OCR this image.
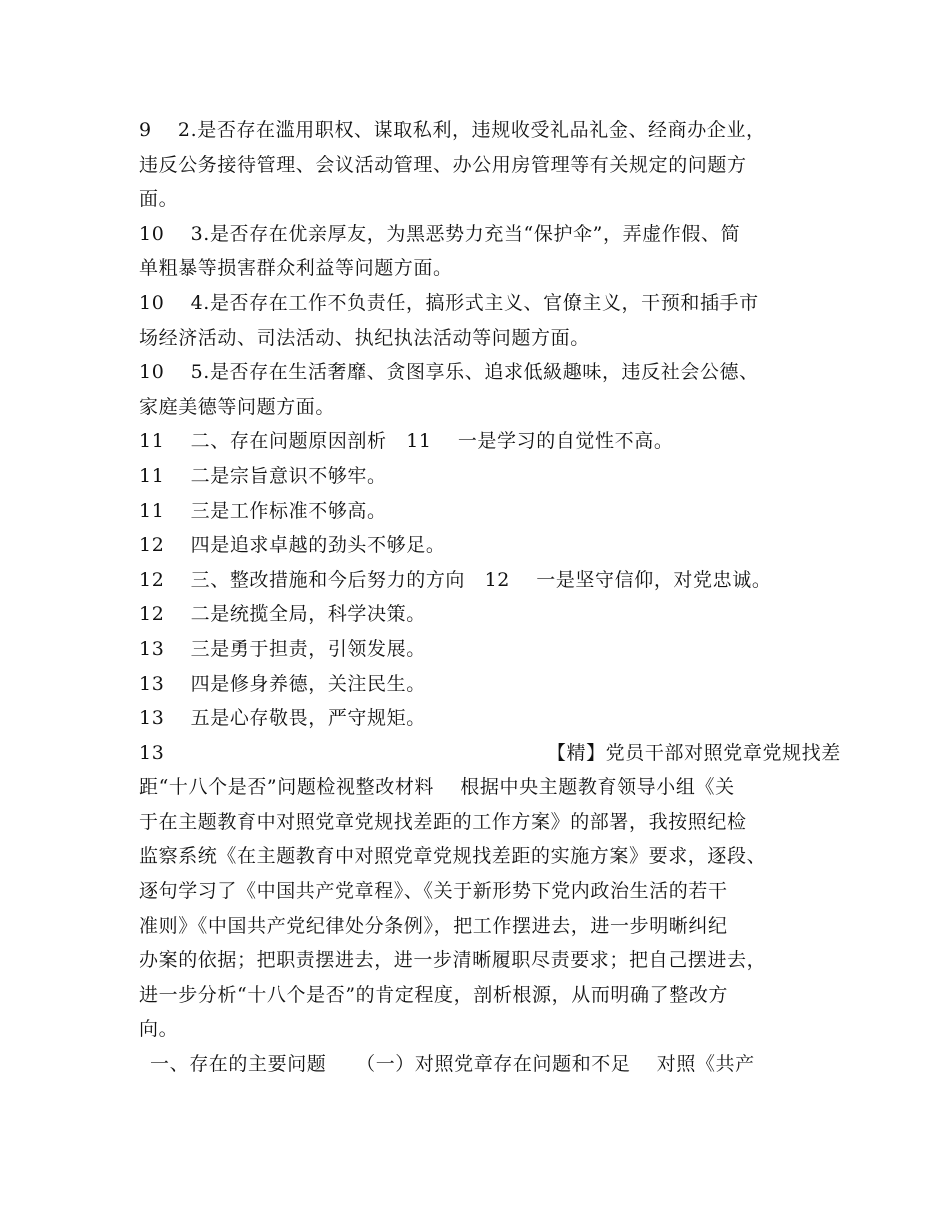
9　 2.是否存在滥用职权、谋取私利，违规收受礼品礼金、经商办企业，
违反公务接待管理、会议活动管理、办公用房管理等有关规定的问题方
面。
10　 3.是否存在优亲厚友，为黑恶势力充当“保护伞”，弄虚作假、简
单粗暴等损害群众利益等问题方面。
10　 4.是否存在工作不负责任，搞形式主义、官僚主义，干预和插手市
场经济活动、司法活动、执纪执法活动等问题方面。
10　 5.是否存在生活奢靡、贪图享乐、追求低級趣味，违反社会公德、
家庭美德等问题方面。
11　 二、存在问题原因剖析　11　 一是学习的自觉性不高。
11　 二是宗旨意识不够牢。
11　 三是工作标准不够高。
12　 四是追求卓越的劲头不够足。
12　 三、整改措施和今后努力的方向　12　 一是坚守信仰，对党忠诚。
12　 二是统揽全局，科学决策。
13　 三是勇于担责，引领发展。
13　 四是修身养德，关注民生。
13　 五是心存敬畏，严守规矩。
13　　　　　　　　　　　　　　　　　　　　【精】党员干部对照党章党规找差
距“十八个是否”问题检视整改材料　 根据中央主题教育领导小组《关
于在主题教育中对照党章党规找差距的工作方案》的部署，我按照纪检
监察系统《在主题教育中对照党章党规找差距的实施方案》要求，逐段、
逐句学习了《中国共产党章程》、《关于新形势下党内政治生活的若干
准则》《中国共产党纪律处分条例》，把工作摆进去，进一步明晰纠纪
办案的依据；把职责摆进去，进一步清晰履职尽责要求；把自己摆进去，
进一步分析“十八个是否”的肯定程度，剖析根源，从而明确了整改方
向。
一、存在的主要问题　　（一）对照党章存在问题和不足　 对照《共产
